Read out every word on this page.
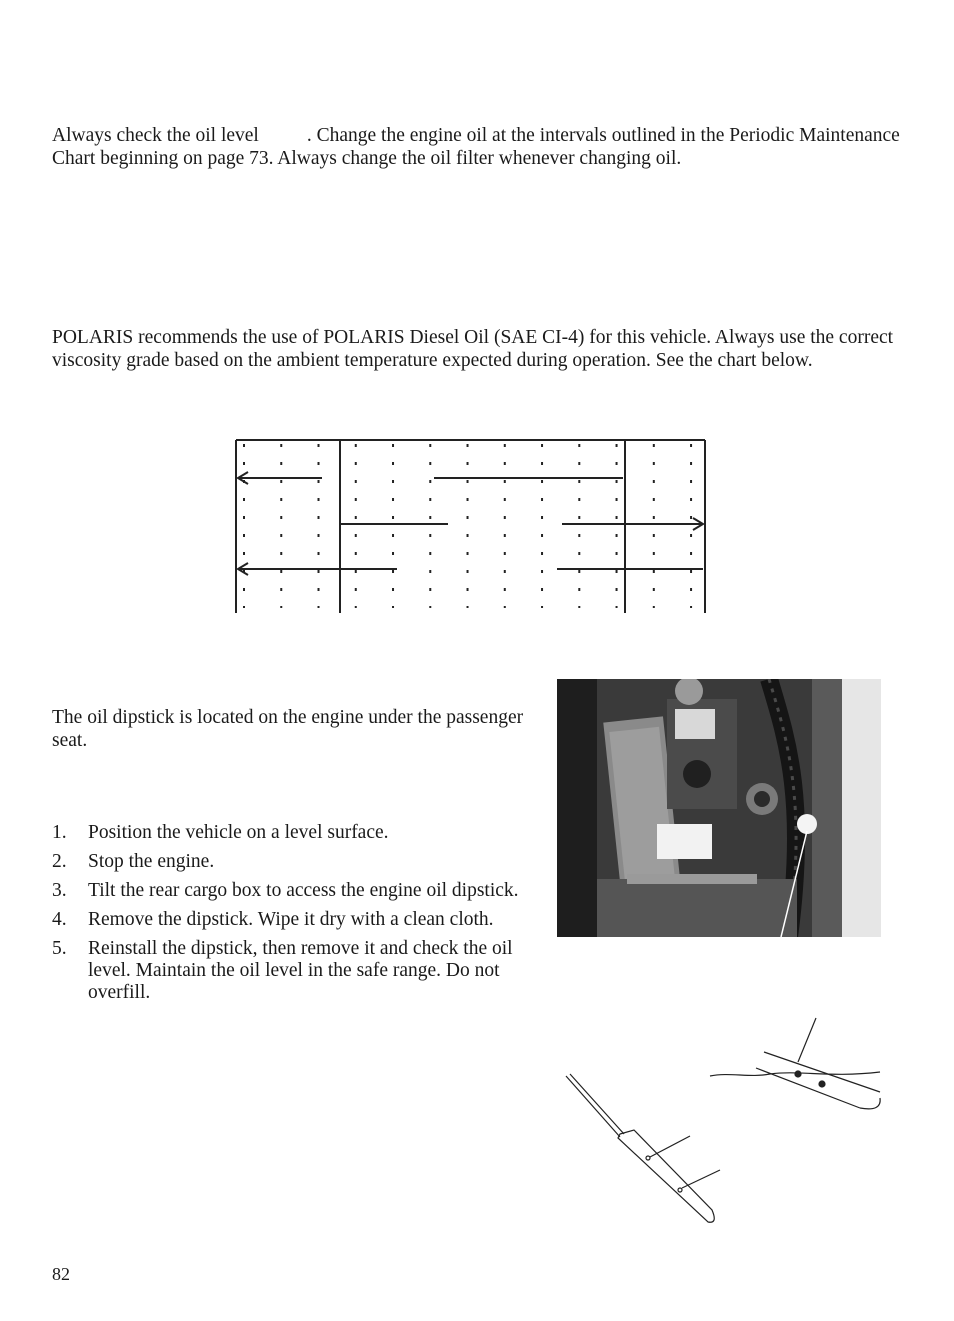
Always check the oil level . Change the engine oil at the intervals outlined in the Periodic Maintenance Chart beginning on page 73. Always change the oil filter whenever changing oil.

POLARIS recommends the use of POLARIS Diesel Oil (SAE CI-4) for this vehicle. Always use the correct viscosity grade based on the ambient temperature expected during operation. See the chart below.

The oil dipstick is located on the engine under the passenger seat.

1. Position the vehicle on a level surface.
2. Stop the engine.
3. Tilt the rear cargo box to access the engine oil dipstick.
4. Remove the dipstick. Wipe it dry with a clean cloth.
5. Reinstall the dipstick, then remove it and check the oil level. Maintain the oil level in the safe range. Do not overfill.
82
